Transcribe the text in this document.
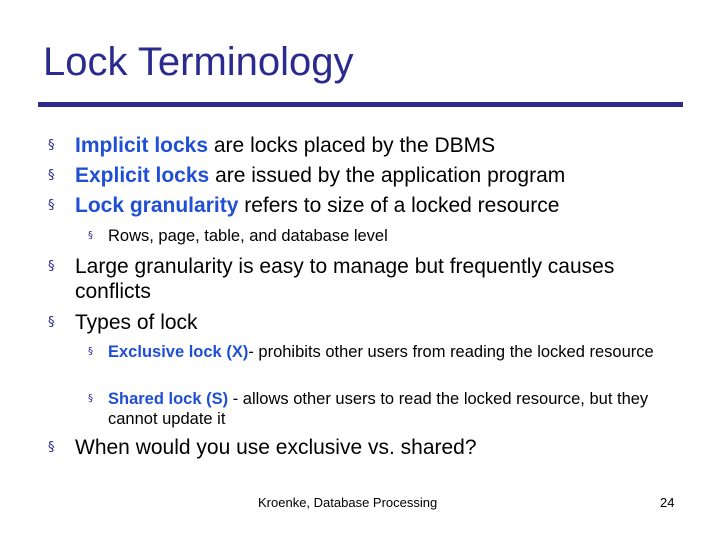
Lock Terminology
§ Implicit locks are locks placed by the DBMS
§ Explicit locks are issued by the application program
§ Lock granularity refers to size of a locked resource
§ Rows, page, table, and database level
§ Large granularity is easy to manage but frequently causes conflicts
§ Types of lock
§ Exclusive lock (X)- prohibits other users from reading the locked resource
§ Shared lock (S) - allows other users to read the locked resource, but they cannot update it
§ When would you use exclusive vs. shared?
Kroenke, Database Processing	24
